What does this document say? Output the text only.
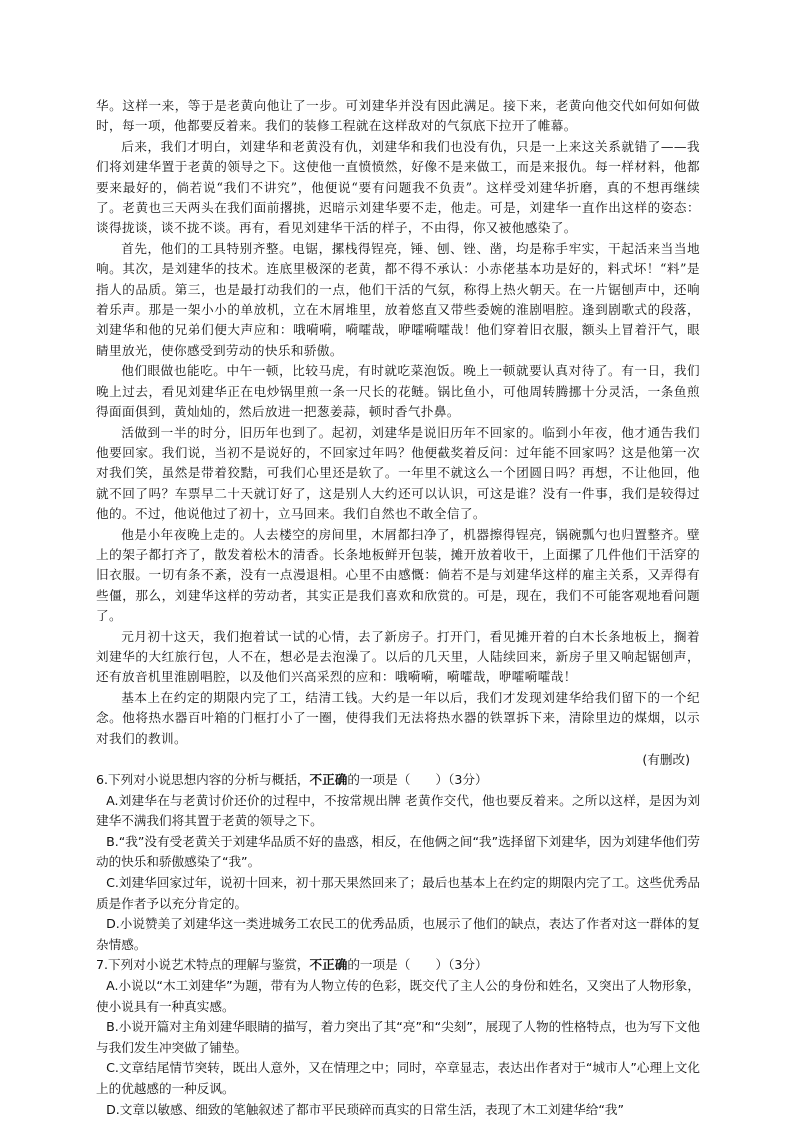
华。这样一来，等于是老黄向他让了一步。可刘建华并没有因此满足。接下来，老黄向他交代如何如何做时，每一项，他都要反着来。我们的装修工程就在这样敌对的气氛底下拉开了帷幕。

后来，我们才明白，刘建华和老黄没有仇，刘建华和我们也没有仇，只是一上来这关系就错了——我们将刘建华置于老黄的领导之下。这使他一直愤愤然，好像不是来做工，而是来报仇。每一样材料，他都要来最好的，倘若说“我们不讲究”，他便说“要有问题我不负责”。这样受刘建华折磨，真的不想再继续了。老黄也三天两头在我们面前撂挑，迟暗示刘建华要不走，他走。可是，刘建华一直作出这样的姿态：谈得拢谈，谈不拢不谈。再有，看见刘建华干活的样子，不由得，你又被他感染了。

首先，他们的工具特别齐整。电锯，摞栈得锃亮，锤、刨、锉、凿，均是称手牢实，干起活来当当地响。其次，是刘建华的技术。连底里极深的老黄，都不得不承认：小赤佬基本功是好的，料式坏！“料”是指人的品质。第三，也是最打动我们的一点，他们干活的气氛，称得上热火朝天。在一片锯刨声中，还响着乐声。那是一架小小的单放机，立在木屑堆里，放着悠直又带些委婉的淮剧唱腔。逢到剧歌式的段落，刘建华和他的兄弟们便大声应和：哦嗬嗬，嗬嚯哉，咿嚯嗬嚯哉！他们穿着旧衣服，额头上冒着汗气，眼睛里放光，使你感受到劳动的快乐和骄傲。

他们眼做也能吃。中午一顿，比较马虎，有时就吃菜泡饭。晚上一顿就要认真对待了。有一日，我们晚上过去，看见刘建华正在电炒锅里煎一条一尺长的花鲢。锅比鱼小，可他周转腾挪十分灵活，一条鱼煎得面面俱到，黄灿灿的，然后放进一把葱姜蒜，顿时香气扑鼻。

活做到一半的时分，旧历年也到了。起初，刘建华是说旧历年不回家的。临到小年夜，他才通告我们他要回家。我们说，当初不是说好的，不回家过年吗？他便截奖着反问：过年能不回家吗？这是他第一次对我们笑，虽然是带着狡黠，可我们心里还是软了。一年里不就这么一个团圆日吗？再想，不让他回，他就不回了吗？车票早二十天就订好了，这是别人大约还可以认识，可这是谁？没有一件事，我们是较得过他的。不过，他说他过了初十，立马回来。我们自然也不敢全信了。

他是小年夜晚上走的。人去楼空的房间里，木屑都扫净了，机器擦得锃亮，锅碗瓢勺也归置整齐。壁上的架子都打齐了，散发着松木的清香。长条地板鲜开包装，摊开放着收干，上面摞了几件他们干活穿的旧衣服。一切有条不紊，没有一点漫退相。心里不由感慨：倘若不是与刘建华这样的雇主关系，又弄得有些僵，那么，刘建华这样的劳动者，其实正是我们喜欢和欣赏的。可是，现在，我们不可能客观地看问题了。

元月初十这天，我们抱着试一试的心情，去了新房子。打开门，看见摊开着的白木长条地板上，搁着刘建华的大红旅行包，人不在，想必是去泡澡了。以后的几天里，人陆续回来，新房子里又响起锯刨声，还有放音机里淮剧唱腔，以及他们兴高采烈的应和：哦嗬嗬，嗬嚯哉，咿嚯嗬嚯哉！

基本上在约定的期限内完了工，结清工钱。大约是一年以后，我们才发现刘建华给我们留下的一个纪念。他将热水器百叶箱的门框打小了一圈，使得我们无法将热水器的铁罩拆下来，清除里边的煤烟，以示对我们的教训。

(有删改)

6.下列对小说思想内容的分析与概括，不正确的一项是（　　）（3分）

A.刘建华在与老黄讨价还价的过程中，不按常规出牌 老黄作交代，他也要反着来。之所以这样，是因为刘建华不满我们将其置于老黄的领导之下。

B.“我”没有受老黄关于刘建华品质不好的蛊惑，相反，在他俩之间“我”选择留下刘建华，因为刘建华他们劳动的快乐和骄傲感染了“我”。

C.刘建华回家过年，说初十回来，初十那天果然回来了；最后也基本上在约定的期限内完了工。这些优秀品质是作者予以充分肯定的。

D.小说赞美了刘建华这一类进城务工农民工的优秀品质，也展示了他们的缺点，表达了作者对这一群体的复杂情感。

7.下列对小说艺术特点的理解与鉴赏，不正确的一项是（　　）（3分）

A.小说以“木工刘建华”为题，带有为人物立传的色彩，既交代了主人公的身份和姓名，又突出了人物形象，使小说具有一种真实感。

B.小说开篇对主角刘建华眼睛的描写，着力突出了其“亮”和“尖刻”，展现了人物的性格特点，也为写下文他与我们发生冲突做了铺垫。

C.文章结尾情节突转，既出人意外，又在情理之中；同时，卒章显志，表达出作者对于“城市人”心理上文化上的优越感的一种反讽。

D.文章以敏感、细致的笔触叙述了都市平民琐碎而真实的日常生活，表现了木工刘建华给“我”
